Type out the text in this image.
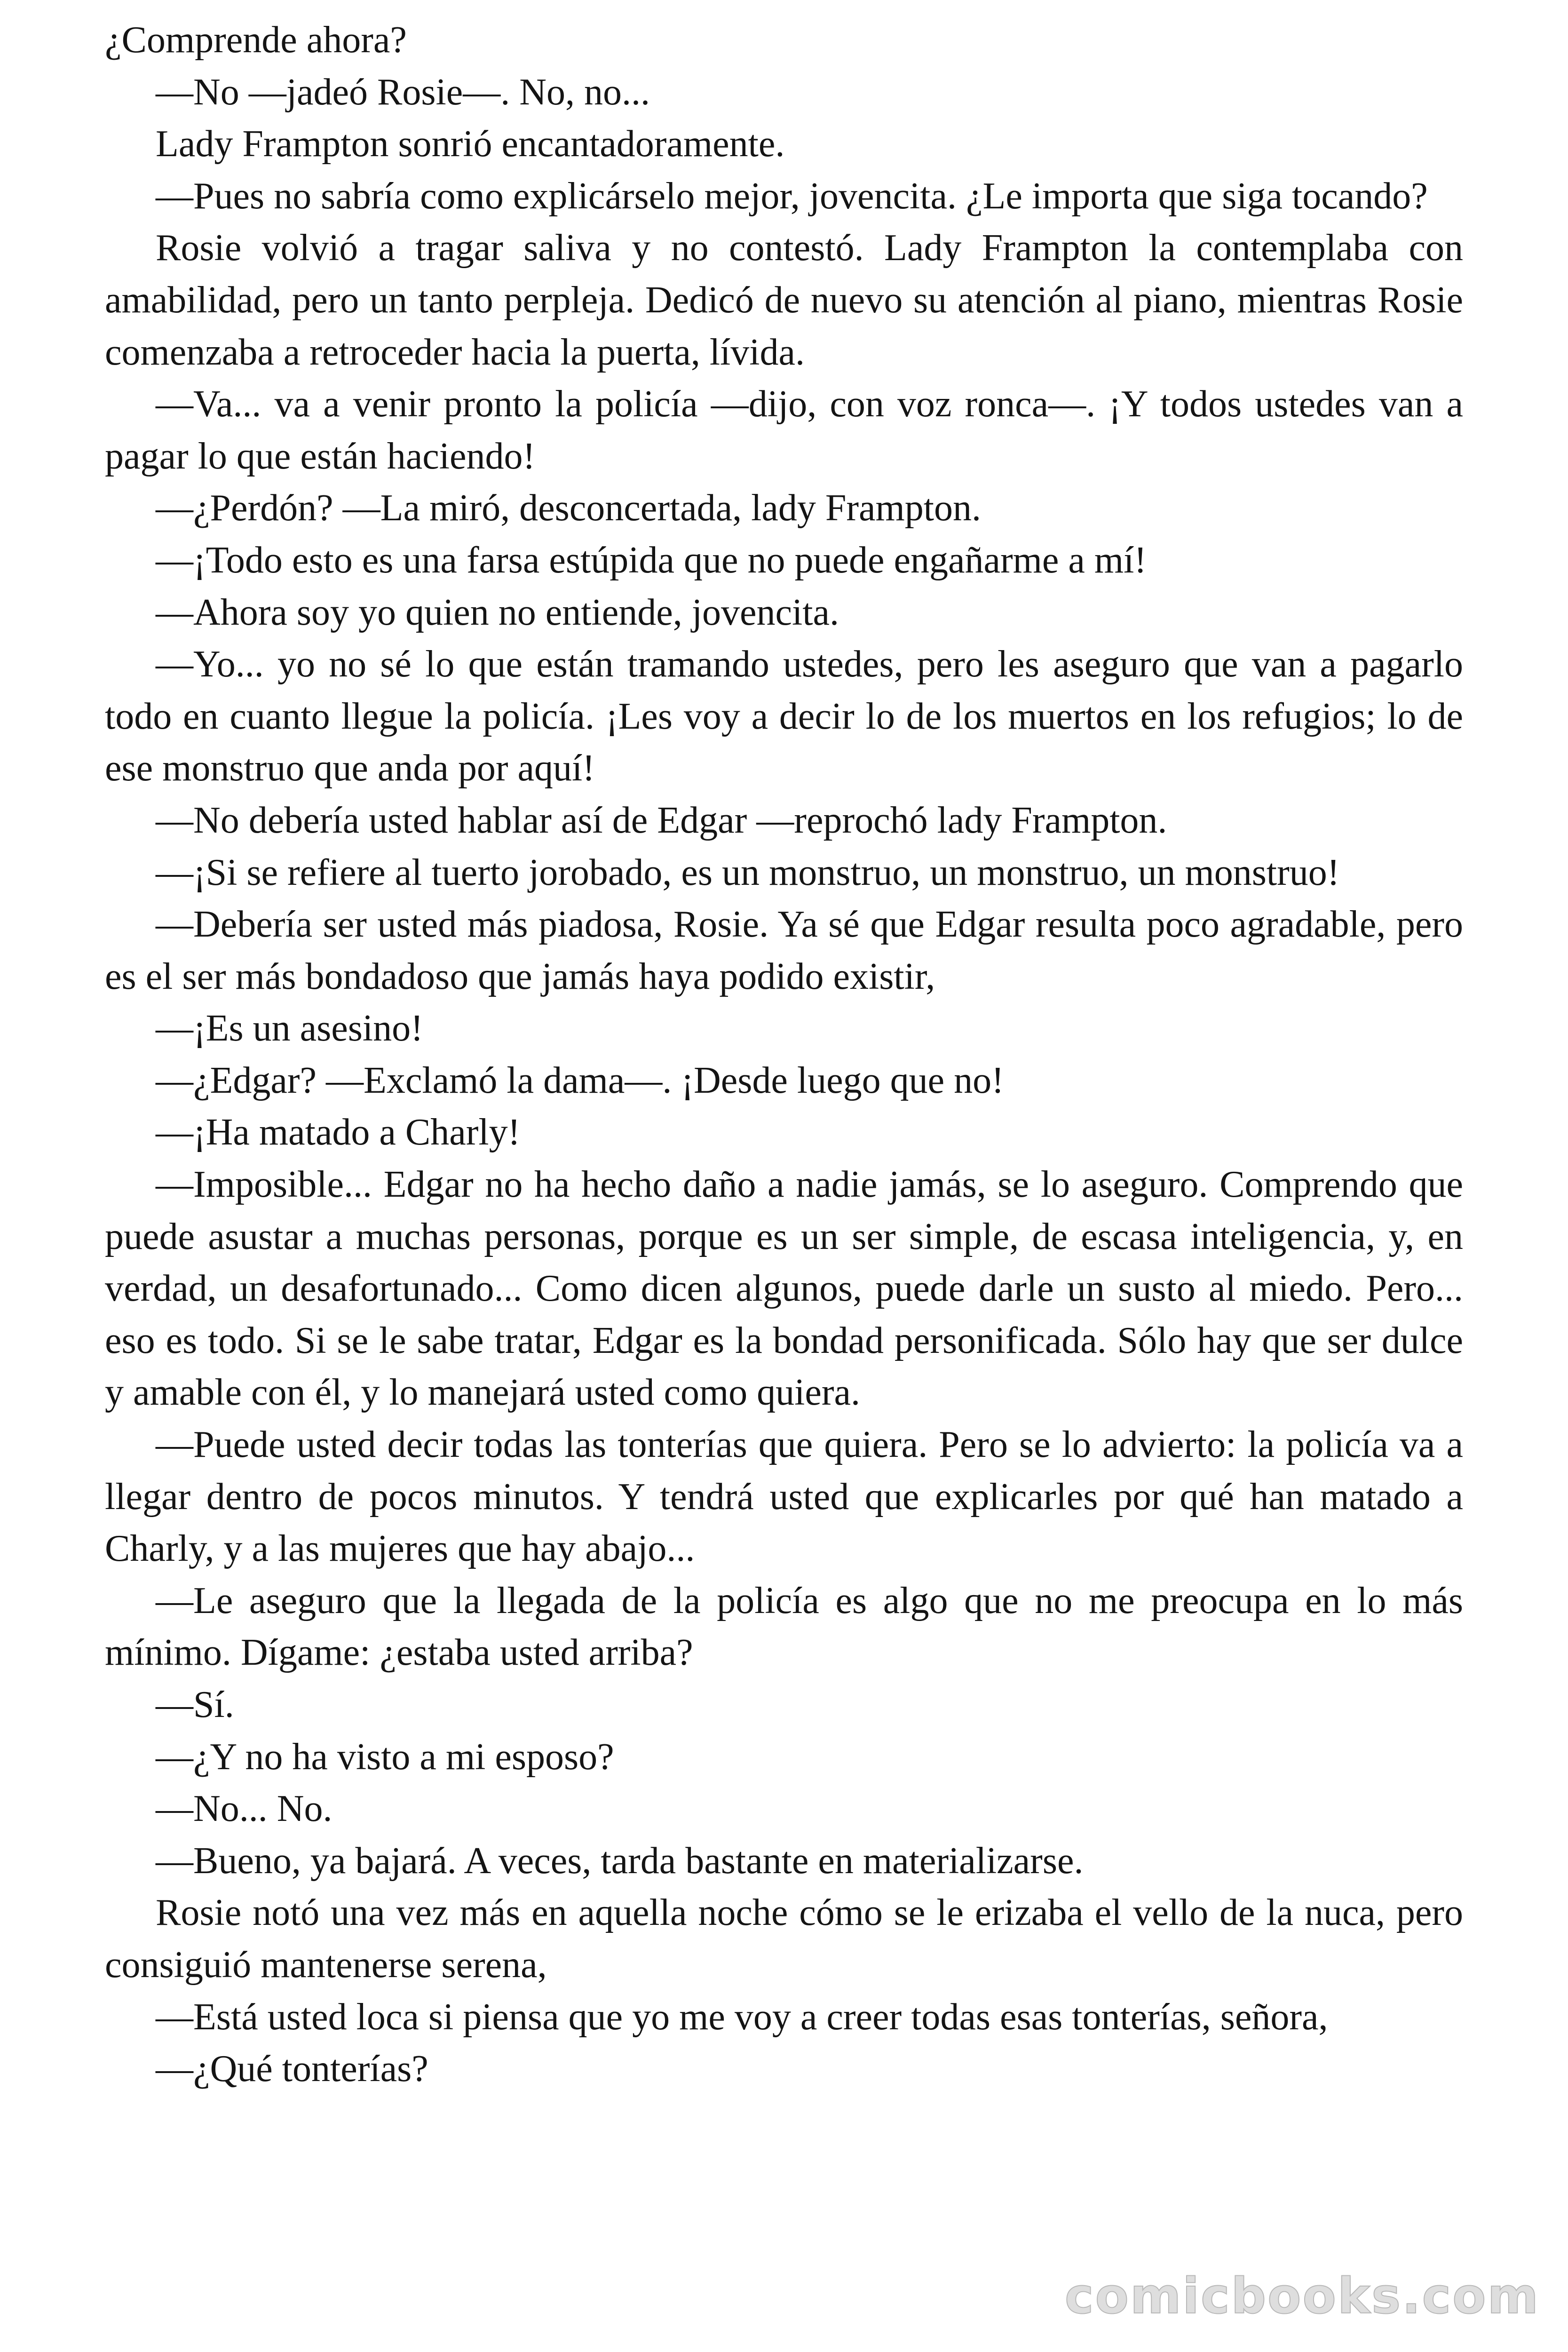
¿Comprende ahora?

—No —jadeó Rosie—. No, no...

Lady Frampton sonrió encantadoramente.

—Pues no sabría como explicárselo mejor, jovencita. ¿Le importa que siga tocando?

Rosie volvió a tragar saliva y no contestó. Lady Frampton la contemplaba con amabilidad, pero un tanto perpleja. Dedicó de nuevo su atención al piano, mientras Rosie comenzaba a retroceder hacia la puerta, lívida.

—Va... va a venir pronto la policía —dijo, con voz ronca—. ¡Y todos ustedes van a pagar lo que están haciendo!

—¿Perdón? —La miró, desconcertada, lady Frampton.

—¡Todo esto es una farsa estúpida que no puede engañarme a mí!

—Ahora soy yo quien no entiende, jovencita.

—Yo... yo no sé lo que están tramando ustedes, pero les aseguro que van a pagarlo todo en cuanto llegue la policía. ¡Les voy a decir lo de los muertos en los refugios; lo de ese monstruo que anda por aquí!

—No debería usted hablar así de Edgar —reprochó lady Frampton.

—¡Si se refiere al tuerto jorobado, es un monstruo, un monstruo, un monstruo!

—Debería ser usted más piadosa, Rosie. Ya sé que Edgar resulta poco agradable, pero es el ser más bondadoso que jamás haya podido existir,

—¡Es un asesino!

—¿Edgar? —Exclamó la dama—. ¡Desde luego que no!

—¡Ha matado a Charly!

—Imposible... Edgar no ha hecho daño a nadie jamás, se lo aseguro. Comprendo que puede asustar a muchas personas, porque es un ser simple, de escasa inteligencia, y, en verdad, un desafortunado... Como dicen algunos, puede darle un susto al miedo. Pero... eso es todo. Si se le sabe tratar, Edgar es la bondad personificada. Sólo hay que ser dulce y amable con él, y lo manejará usted como quiera.

—Puede usted decir todas las tonterías que quiera. Pero se lo advierto: la policía va a llegar dentro de pocos minutos. Y tendrá usted que explicarles por qué han matado a Charly, y a las mujeres que hay abajo...

—Le aseguro que la llegada de la policía es algo que no me preocupa en lo más mínimo. Dígame: ¿estaba usted arriba?

—Sí.

—¿Y no ha visto a mi esposo?

—No... No.

—Bueno, ya bajará. A veces, tarda bastante en materializarse.

Rosie notó una vez más en aquella noche cómo se le erizaba el vello de la nuca, pero consiguió mantenerse serena,

—Está usted loca si piensa que yo me voy a creer todas esas tonterías, señora,

—¿Qué tonterías?

comicbooks.com
